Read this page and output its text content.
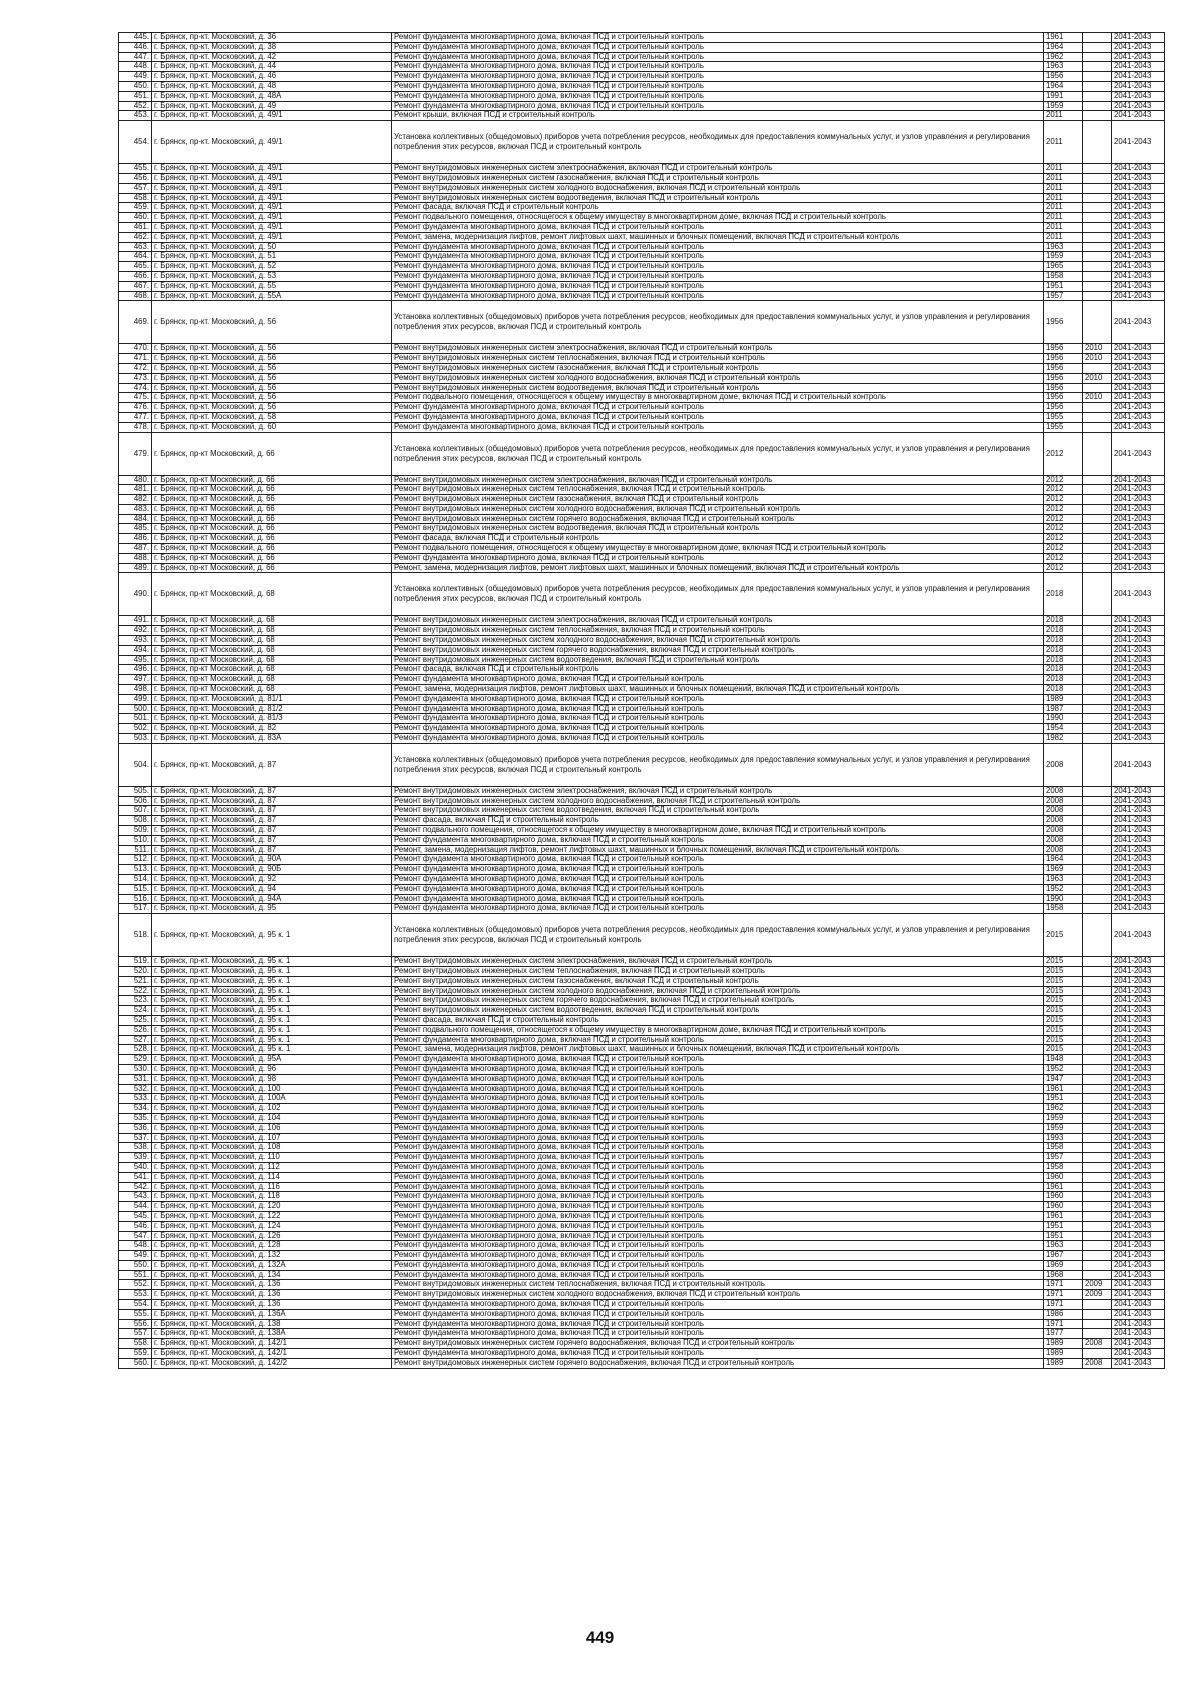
445.	г. Брянск, пр-кт. Московский, д. 36	Ремонт фундамента многоквартирного дома, включая ПСД и строительный контроль	1961		2041-2043
446.	г. Брянск, пр-кт. Московский, д. 38	Ремонт фундамента многоквартирного дома, включая ПСД и строительный контроль	1964		2041-2043
447.	г. Брянск, пр-кт. Московский, д. 42	Ремонт фундамента многоквартирного дома, включая ПСД и строительный контроль	1962		2041-2043
448.	г. Брянск, пр-кт. Московский, д. 44	Ремонт фундамента многоквартирного дома, включая ПСД и строительный контроль	1963		2041-2043
449.	г. Брянск, пр-кт. Московский, д. 46	Ремонт фундамента многоквартирного дома, включая ПСД и строительный контроль	1956		2041-2043
450.	г. Брянск, пр-кт. Московский, д. 48	Ремонт фундамента многоквартирного дома, включая ПСД и строительный контроль	1964		2041-2043
451.	г. Брянск, пр-кт. Московский, д. 48А	Ремонт фундамента многоквартирного дома, включая ПСД и строительный контроль	1991		2041-2043
452.	г. Брянск, пр-кт. Московский, д. 49	Ремонт фундамента многоквартирного дома, включая ПСД и строительный контроль	1959		2041-2043
453.	г. Брянск, пр-кт. Московский, д. 49/1	Ремонт крыши, включая ПСД и строительный контроль	2011		2041-2043
454.	г. Брянск, пр-кт. Московский, д. 49/1	Установка коллективных (общедомовых) приборов учета потребления ресурсов, необходимых для предоставления коммунальных услуг, и узлов управления и регулирования потребления этих ресурсов, включая ПСД и строительный контроль	2011		2041-2043
455.	г. Брянск, пр-кт. Московский, д. 49/1	Ремонт внутридомовых инженерных систем электроснабжения, включая ПСД и строительный контроль	2011		2041-2043
456.	г. Брянск, пр-кт. Московский, д. 49/1	Ремонт внутридомовых инженерных систем газоснабжения, включая ПСД и строительный контроль	2011		2041-2043
457.	г. Брянск, пр-кт. Московский, д. 49/1	Ремонт внутридомовых инженерных систем холодного водоснабжения, включая ПСД и строительный контроль	2011		2041-2043
458.	г. Брянск, пр-кт. Московский, д. 49/1	Ремонт внутридомовых инженерных систем водоотведения, включая ПСД и строительный контроль	2011		2041-2043
459.	г. Брянск, пр-кт. Московский, д. 49/1	Ремонт фасада, включая ПСД и строительный контроль	2011		2041-2043
460.	г. Брянск, пр-кт. Московский, д. 49/1	Ремонт подвального помещения, относящегося к общему имуществу в многоквартирном доме, включая ПСД и строительный контроль	2011		2041-2043
461.	г. Брянск, пр-кт. Московский, д. 49/1	Ремонт фундамента многоквартирного дома, включая ПСД и строительный контроль	2011		2041-2043
462.	г. Брянск, пр-кт. Московский, д. 49/1	Ремонт, замена, модернизация лифтов, ремонт лифтовых шахт, машинных и блочных помещений, включая ПСД и строительный контроль	2011		2041-2043
463.	г. Брянск, пр-кт. Московский, д. 50	Ремонт фундамента многоквартирного дома, включая ПСД и строительный контроль	1963		2041-2043
464.	г. Брянск, пр-кт. Московский, д. 51	Ремонт фундамента многоквартирного дома, включая ПСД и строительный контроль	1959		2041-2043
465.	г. Брянск, пр-кт. Московский, д. 52	Ремонт фундамента многоквартирного дома, включая ПСД и строительный контроль	1965		2041-2043
466.	г. Брянск, пр-кт. Московский, д. 53	Ремонт фундамента многоквартирного дома, включая ПСД и строительный контроль	1958		2041-2043
467.	г. Брянск, пр-кт. Московский, д. 55	Ремонт фундамента многоквартирного дома, включая ПСД и строительный контроль	1951		2041-2043
468.	г. Брянск, пр-кт. Московский, д. 55А	Ремонт фундамента многоквартирного дома, включая ПСД и строительный контроль	1957		2041-2043
469.	г. Брянск, пр-кт. Московский, д. 56	Установка коллективных (общедомовых) приборов учета потребления ресурсов, необходимых для предоставления коммунальных услуг, и узлов управления и регулирования потребления этих ресурсов, включая ПСД и строительный контроль	1956		2041-2043
470.	г. Брянск, пр-кт. Московский, д. 56	Ремонт внутридомовых инженерных систем электроснабжения, включая ПСД и строительный контроль	1956	2010	2041-2043
471.	г. Брянск, пр-кт. Московский, д. 56	Ремонт внутридомовых инженерных систем теплоснабжения, включая ПСД и строительный контроль	1956	2010	2041-2043
472.	г. Брянск, пр-кт. Московский, д. 56	Ремонт внутридомовых инженерных систем газоснабжения, включая ПСД и строительный контроль	1956		2041-2043
473.	г. Брянск, пр-кт. Московский, д. 56	Ремонт внутридомовых инженерных систем холодного водоснабжения, включая ПСД и строительный контроль	1956	2010	2041-2043
474.	г. Брянск, пр-кт. Московский, д. 56	Ремонт внутридомовых инженерных систем водоотведения, включая ПСД и строительный контроль	1956		2041-2043
475.	г. Брянск, пр-кт. Московский, д. 56	Ремонт подвального помещения, относящегося к общему имуществу в многоквартирном доме, включая ПСД и строительный контроль	1956	2010	2041-2043
476.	г. Брянск, пр-кт. Московский, д. 56	Ремонт фундамента многоквартирного дома, включая ПСД и строительный контроль	1956		2041-2043
477.	г. Брянск, пр-кт. Московский, д. 58	Ремонт фундамента многоквартирного дома, включая ПСД и строительный контроль	1955		2041-2043
478.	г. Брянск, пр-кт. Московский, д. 60	Ремонт фундамента многоквартирного дома, включая ПСД и строительный контроль	1955		2041-2043
479.	г. Брянск, пр-кт Московский, д. 66	Установка коллективных (общедомовых) приборов учета потребления ресурсов, необходимых для предоставления коммунальных услуг, и узлов управления и регулирования потребления этих ресурсов, включая ПСД и строительный контроль	2012		2041-2043
480.	г. Брянск, пр-кт Московский, д. 66	Ремонт внутридомовых инженерных систем электроснабжения, включая ПСД и строительный контроль	2012		2041-2043
481.	г. Брянск, пр-кт Московский, д. 66	Ремонт внутридомовых инженерных систем теплоснабжения, включая ПСД и строительный контроль	2012		2041-2043
482.	г. Брянск, пр-кт Московский, д. 66	Ремонт внутридомовых инженерных систем газоснабжения, включая ПСД и строительный контроль	2012		2041-2043
483.	г. Брянск, пр-кт Московский, д. 66	Ремонт внутридомовых инженерных систем холодного водоснабжения, включая ПСД и строительный контроль	2012		2041-2043
484.	г. Брянск, пр-кт Московский, д. 66	Ремонт внутридомовых инженерных систем горячего водоснабжения, включая ПСД и строительный контроль	2012		2041-2043
485.	г. Брянск, пр-кт Московский, д. 66	Ремонт внутридомовых инженерных систем водоотведения, включая ПСД и строительный контроль	2012		2041-2043
486.	г. Брянск, пр-кт Московский, д. 66	Ремонт фасада, включая ПСД и строительный контроль	2012		2041-2043
487.	г. Брянск, пр-кт Московский, д. 66	Ремонт подвального помещения, относящегося к общему имуществу в многоквартирном доме, включая ПСД и строительный контроль	2012		2041-2043
488.	г. Брянск, пр-кт Московский, д. 66	Ремонт фундамента многоквартирного дома, включая ПСД и строительный контроль	2012		2041-2043
489.	г. Брянск, пр-кт Московский, д. 66	Ремонт, замена, модернизация лифтов, ремонт лифтовых шахт, машинных и блочных помещений, включая ПСД и строительный контроль	2012		2041-2043
490.	г. Брянск, пр-кт Московский, д. 68	Установка коллективных (общедомовых) приборов учета потребления ресурсов, необходимых для предоставления коммунальных услуг, и узлов управления и регулирования потребления этих ресурсов, включая ПСД и строительный контроль	2018		2041-2043
491.	г. Брянск, пр-кт Московский, д. 68	Ремонт внутридомовых инженерных систем электроснабжения, включая ПСД и строительный контроль	2018		2041-2043
492.	г. Брянск, пр-кт Московский, д. 68	Ремонт внутридомовых инженерных систем теплоснабжения, включая ПСД и строительный контроль	2018		2041-2043
493.	г. Брянск, пр-кт Московский, д. 68	Ремонт внутридомовых инженерных систем холодного водоснабжения, включая ПСД и строительный контроль	2018		2041-2043
494.	г. Брянск, пр-кт Московский, д. 68	Ремонт внутридомовых инженерных систем горячего водоснабжения, включая ПСД и строительный контроль	2018		2041-2043
495.	г. Брянск, пр-кт Московский, д. 68	Ремонт внутридомовых инженерных систем водоотведения, включая ПСД и строительный контроль	2018		2041-2043
496.	г. Брянск, пр-кт Московский, д. 68	Ремонт фасада, включая ПСД и строительный контроль	2018		2041-2043
497.	г. Брянск, пр-кт Московский, д. 68	Ремонт фундамента многоквартирного дома, включая ПСД и строительный контроль	2018		2041-2043
498.	г. Брянск, пр-кт Московский, д. 68	Ремонт, замена, модернизация лифтов, ремонт лифтовых шахт, машинных и блочных помещений, включая ПСД и строительный контроль	2018		2041-2043
499.	г. Брянск, пр-кт. Московский, д. 81/1	Ремонт фундамента многоквартирного дома, включая ПСД и строительный контроль	1989		2041-2043
500.	г. Брянск, пр-кт. Московский, д. 81/2	Ремонт фундамента многоквартирного дома, включая ПСД и строительный контроль	1987		2041-2043
501.	г. Брянск, пр-кт. Московский, д. 81/3	Ремонт фундамента многоквартирного дома, включая ПСД и строительный контроль	1990		2041-2043
502.	г. Брянск, пр-кт. Московский, д. 82	Ремонт фундамента многоквартирного дома, включая ПСД и строительный контроль	1954		2041-2043
503.	г. Брянск, пр-кт. Московский, д. 83А	Ремонт фундамента многоквартирного дома, включая ПСД и строительный контроль	1982		2041-2043
504.	г. Брянск, пр-кт. Московский, д. 87	Установка коллективных (общедомовых) приборов учета потребления ресурсов, необходимых для предоставления коммунальных услуг, и узлов управления и регулирования потребления этих ресурсов, включая ПСД и строительный контроль	2008		2041-2043
505.	г. Брянск, пр-кт. Московский, д. 87	Ремонт внутридомовых инженерных систем электроснабжения, включая ПСД и строительный контроль	2008		2041-2043
506.	г. Брянск, пр-кт. Московский, д. 87	Ремонт внутридомовых инженерных систем холодного водоснабжения, включая ПСД и строительный контроль	2008		2041-2043
507.	г. Брянск, пр-кт. Московский, д. 87	Ремонт внутридомовых инженерных систем водоотведения, включая ПСД и строительный контроль	2008		2041-2043
508.	г. Брянск, пр-кт. Московский, д. 87	Ремонт фасада, включая ПСД и строительный контроль	2008		2041-2043
509.	г. Брянск, пр-кт. Московский, д. 87	Ремонт подвального помещения, относящегося к общему имуществу в многоквартирном доме, включая ПСД и строительный контроль	2008		2041-2043
510.	г. Брянск, пр-кт. Московский, д. 87	Ремонт фундамента многоквартирного дома, включая ПСД и строительный контроль	2008		2041-2043
511.	г. Брянск, пр-кт. Московский, д. 87	Ремонт, замена, модернизация лифтов, ремонт лифтовых шахт, машинных и блочных помещений, включая ПСД и строительный контроль	2008		2041-2043
512.	г. Брянск, пр-кт. Московский, д. 90А	Ремонт фундамента многоквартирного дома, включая ПСД и строительный контроль	1964		2041-2043
513.	г. Брянск, пр-кт. Московский, д. 90Б	Ремонт фундамента многоквартирного дома, включая ПСД и строительный контроль	1969		2041-2043
514.	г. Брянск, пр-кт. Московский, д. 92	Ремонт фундамента многоквартирного дома, включая ПСД и строительный контроль	1963		2041-2043
515.	г. Брянск, пр-кт. Московский, д. 94	Ремонт фундамента многоквартирного дома, включая ПСД и строительный контроль	1952		2041-2043
516.	г. Брянск, пр-кт. Московский, д. 94А	Ремонт фундамента многоквартирного дома, включая ПСД и строительный контроль	1990		2041-2043
517.	г. Брянск, пр-кт. Московский, д. 95	Ремонт фундамента многоквартирного дома, включая ПСД и строительный контроль	1958		2041-2043
518.	г. Брянск, пр-кт. Московский, д. 95 к. 1	Установка коллективных (общедомовых) приборов учета потребления ресурсов, необходимых для предоставления коммунальных услуг, и узлов управления и регулирования потребления этих ресурсов, включая ПСД и строительный контроль	2015		2041-2043
519.	г. Брянск, пр-кт. Московский, д. 95 к. 1	Ремонт внутридомовых инженерных систем электроснабжения, включая ПСД и строительный контроль	2015		2041-2043
520.	г. Брянск, пр-кт. Московский, д. 95 к. 1	Ремонт внутридомовых инженерных систем теплоснабжения, включая ПСД и строительный контроль	2015		2041-2043
521.	г. Брянск, пр-кт. Московский, д. 95 к. 1	Ремонт внутридомовых инженерных систем газоснабжения, включая ПСД и строительный контроль	2015		2041-2043
522.	г. Брянск, пр-кт. Московский, д. 95 к. 1	Ремонт внутридомовых инженерных систем холодного водоснабжения, включая ПСД и строительный контроль	2015		2041-2043
523.	г. Брянск, пр-кт. Московский, д. 95 к. 1	Ремонт внутридомовых инженерных систем горячего водоснабжения, включая ПСД и строительный контроль	2015		2041-2043
524.	г. Брянск, пр-кт. Московский, д. 95 к. 1	Ремонт внутридомовых инженерных систем водоотведения, включая ПСД и строительный контроль	2015		2041-2043
525.	г. Брянск, пр-кт. Московский, д. 95 к. 1	Ремонт фасада, включая ПСД и строительный контроль	2015		2041-2043
526.	г. Брянск, пр-кт. Московский, д. 95 к. 1	Ремонт подвального помещения, относящегося к общему имуществу в многоквартирном доме, включая ПСД и строительный контроль	2015		2041-2043
527.	г. Брянск, пр-кт. Московский, д. 95 к. 1	Ремонт фундамента многоквартирного дома, включая ПСД и строительный контроль	2015		2041-2043
528.	г. Брянск, пр-кт. Московский, д. 95 к. 1	Ремонт, замена, модернизация лифтов, ремонт лифтовых шахт, машинных и блочных помещений, включая ПСД и строительный контроль	2015		2041-2043
529.	г. Брянск, пр-кт. Московский, д. 95А	Ремонт фундамента многоквартирного дома, включая ПСД и строительный контроль	1948		2041-2043
530.	г. Брянск, пр-кт. Московский, д. 96	Ремонт фундамента многоквартирного дома, включая ПСД и строительный контроль	1952		2041-2043
531.	г. Брянск, пр-кт. Московский, д. 98	Ремонт фундамента многоквартирного дома, включая ПСД и строительный контроль	1947		2041-2043
532.	г. Брянск, пр-кт. Московский, д. 100	Ремонт фундамента многоквартирного дома, включая ПСД и строительный контроль	1961		2041-2043
533.	г. Брянск, пр-кт. Московский, д. 100А	Ремонт фундамента многоквартирного дома, включая ПСД и строительный контроль	1951		2041-2043
534.	г. Брянск, пр-кт. Московский, д. 102	Ремонт фундамента многоквартирного дома, включая ПСД и строительный контроль	1962		2041-2043
535.	г. Брянск, пр-кт. Московский, д. 104	Ремонт фундамента многоквартирного дома, включая ПСД и строительный контроль	1959		2041-2043
536.	г. Брянск, пр-кт. Московский, д. 106	Ремонт фундамента многоквартирного дома, включая ПСД и строительный контроль	1959		2041-2043
537.	г. Брянск, пр-кт. Московский, д. 107	Ремонт фундамента многоквартирного дома, включая ПСД и строительный контроль	1993		2041-2043
538.	г. Брянск, пр-кт. Московский, д. 108	Ремонт фундамента многоквартирного дома, включая ПСД и строительный контроль	1958		2041-2043
539.	г. Брянск, пр-кт. Московский, д. 110	Ремонт фундамента многоквартирного дома, включая ПСД и строительный контроль	1957		2041-2043
540.	г. Брянск, пр-кт. Московский, д. 112	Ремонт фундамента многоквартирного дома, включая ПСД и строительный контроль	1958		2041-2043
541.	г. Брянск, пр-кт. Московский, д. 114	Ремонт фундамента многоквартирного дома, включая ПСД и строительный контроль	1960		2041-2043
542.	г. Брянск, пр-кт. Московский, д. 116	Ремонт фундамента многоквартирного дома, включая ПСД и строительный контроль	1961		2041-2043
543.	г. Брянск, пр-кт. Московский, д. 118	Ремонт фундамента многоквартирного дома, включая ПСД и строительный контроль	1960		2041-2043
544.	г. Брянск, пр-кт. Московский, д. 120	Ремонт фундамента многоквартирного дома, включая ПСД и строительный контроль	1960		2041-2043
545.	г. Брянск, пр-кт. Московский, д. 122	Ремонт фундамента многоквартирного дома, включая ПСД и строительный контроль	1961		2041-2043
546.	г. Брянск, пр-кт. Московский, д. 124	Ремонт фундамента многоквартирного дома, включая ПСД и строительный контроль	1951		2041-2043
547.	г. Брянск, пр-кт. Московский, д. 126	Ремонт фундамента многоквартирного дома, включая ПСД и строительный контроль	1951		2041-2043
548.	г. Брянск, пр-кт. Московский, д. 128	Ремонт фундамента многоквартирного дома, включая ПСД и строительный контроль	1963		2041-2043
549.	г. Брянск, пр-кт. Московский, д. 132	Ремонт фундамента многоквартирного дома, включая ПСД и строительный контроль	1967		2041-2043
550.	г. Брянск, пр-кт. Московский, д. 132А	Ремонт фундамента многоквартирного дома, включая ПСД и строительный контроль	1969		2041-2043
551.	г. Брянск, пр-кт. Московский, д. 134	Ремонт фундамента многоквартирного дома, включая ПСД и строительный контроль	1968		2041-2043
552.	г. Брянск, пр-кт. Московский, д. 136	Ремонт внутридомовых инженерных систем теплоснабжения, включая ПСД и строительный контроль	1971	2009	2041-2043
553.	г. Брянск, пр-кт. Московский, д. 136	Ремонт внутридомовых инженерных систем холодного водоснабжения, включая ПСД и строительный контроль	1971	2009	2041-2043
554.	г. Брянск, пр-кт. Московский, д. 136	Ремонт фундамента многоквартирного дома, включая ПСД и строительный контроль	1971		2041-2043
555.	г. Брянск, пр-кт. Московский, д. 136А	Ремонт фундамента многоквартирного дома, включая ПСД и строительный контроль	1986		2041-2043
556.	г. Брянск, пр-кт. Московский, д. 138	Ремонт фундамента многоквартирного дома, включая ПСД и строительный контроль	1971		2041-2043
557.	г. Брянск, пр-кт. Московский, д. 138А	Ремонт фундамента многоквартирного дома, включая ПСД и строительный контроль	1977		2041-2043
558.	г. Брянск, пр-кт. Московский, д. 142/1	Ремонт внутридомовых инженерных систем горячего водоснабжения, включая ПСД и строительный контроль	1989	2008	2041-2043
559.	г. Брянск, пр-кт. Московский, д. 142/1	Ремонт фундамента многоквартирного дома, включая ПСД и строительный контроль	1989		2041-2043
560.	г. Брянск, пр-кт. Московский, д. 142/2	Ремонт внутридомовых инженерных систем горячего водоснабжения, включая ПСД и строительный контроль	1989	2008	2041-2043
449
